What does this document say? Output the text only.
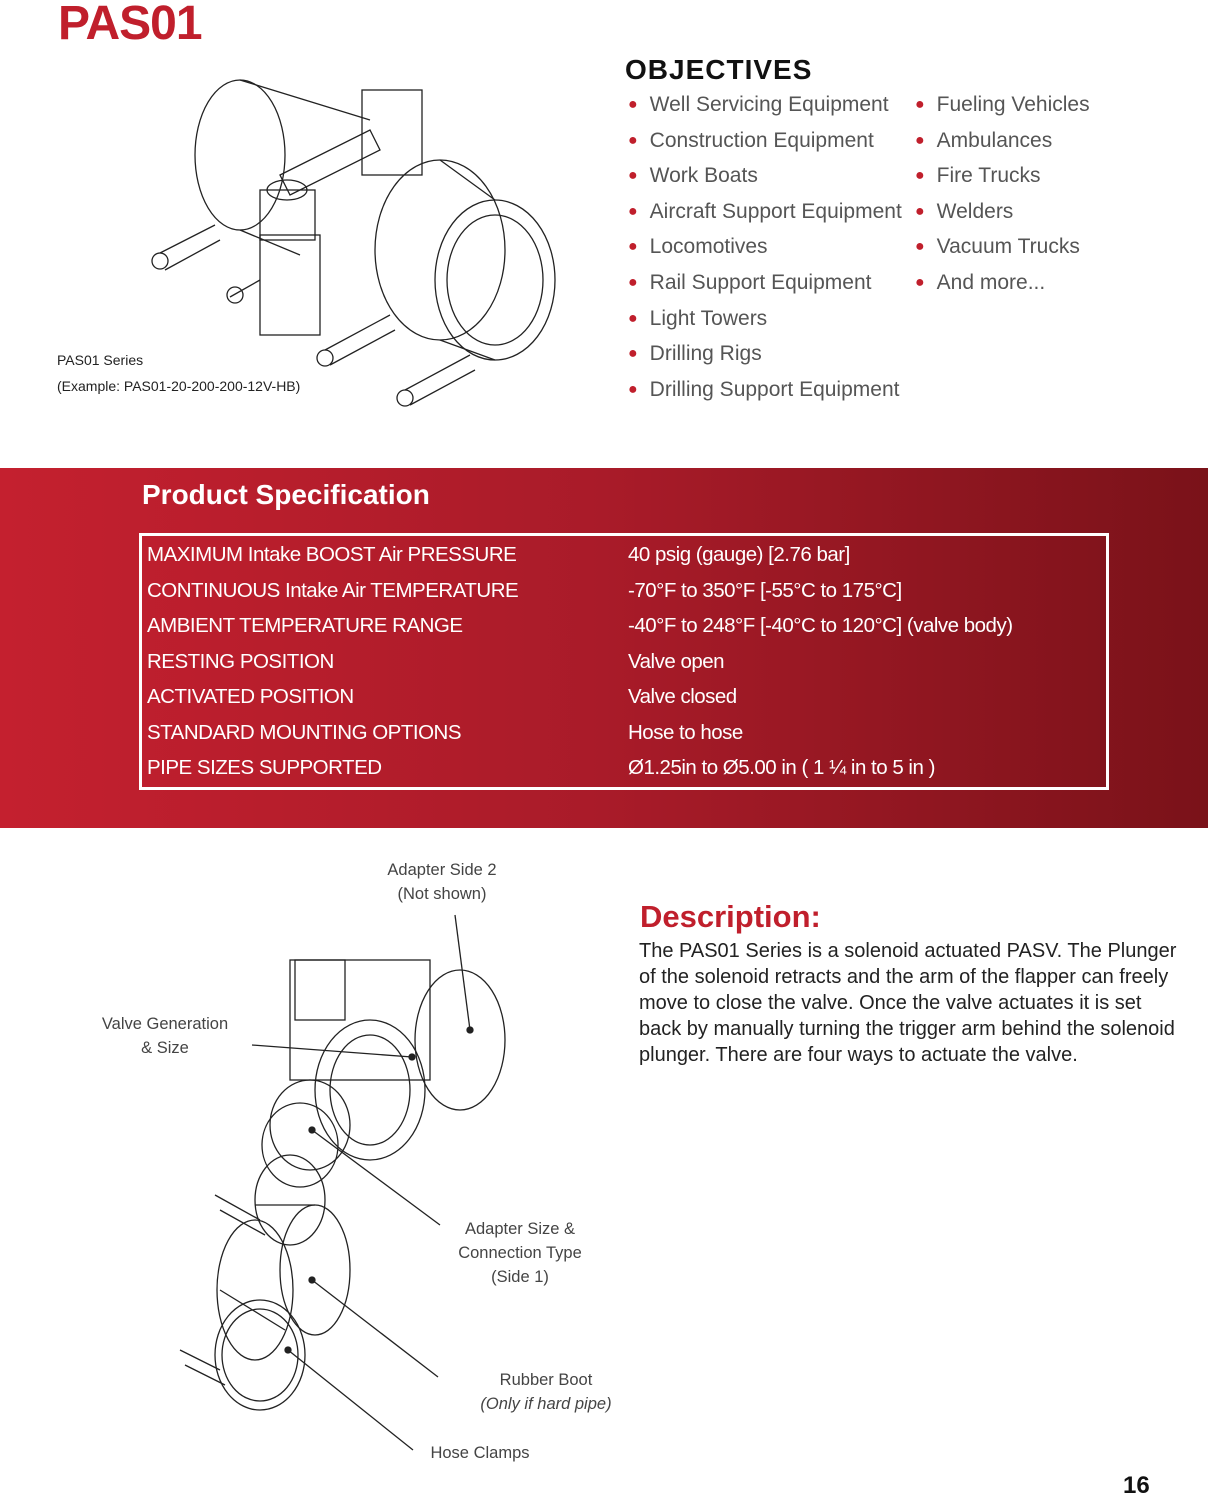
PAS01
PAS01 Series
(Example: PAS01-20-200-200-12V-HB)
OBJECTIVES
● Well Servicing Equipment
● Construction Equipment
● Work Boats
● Aircraft Support Equipment
● Locomotives
● Rail Support Equipment
● Light Towers
● Drilling Rigs
● Drilling Support Equipment
● Fueling Vehicles
● Ambulances
● Fire Trucks
● Welders
● Vacuum Trucks
● And more...
Product Specification
MAXIMUM Intake BOOST Air PRESSURE	40 psig (gauge) [2.76 bar]
CONTINUOUS Intake Air TEMPERATURE	-70°F to 350°F [-55°C to 175°C]
AMBIENT TEMPERATURE RANGE	-40°F to 248°F [-40°C to 120°C] (valve body)
RESTING POSITION	Valve open
ACTIVATED POSITION	Valve closed
STANDARD MOUNTING OPTIONS	Hose to hose
PIPE SIZES SUPPORTED	Ø1.25in to Ø5.00 in ( 1 ¼ in to 5 in )
Adapter Side 2
(Not shown)
Valve Generation
& Size
Adapter Size &
Connection Type
(Side 1)
Rubber Boot
(Only if hard pipe)
Hose Clamps
Description:
The PAS01 Series is a solenoid actuated PASV. The Plunger of the solenoid retracts and the arm of the flapper can freely move to close the valve. Once the valve actuates it is set back by manually turning the trigger arm behind the solenoid plunger. There are four ways to actuate the valve.
16
